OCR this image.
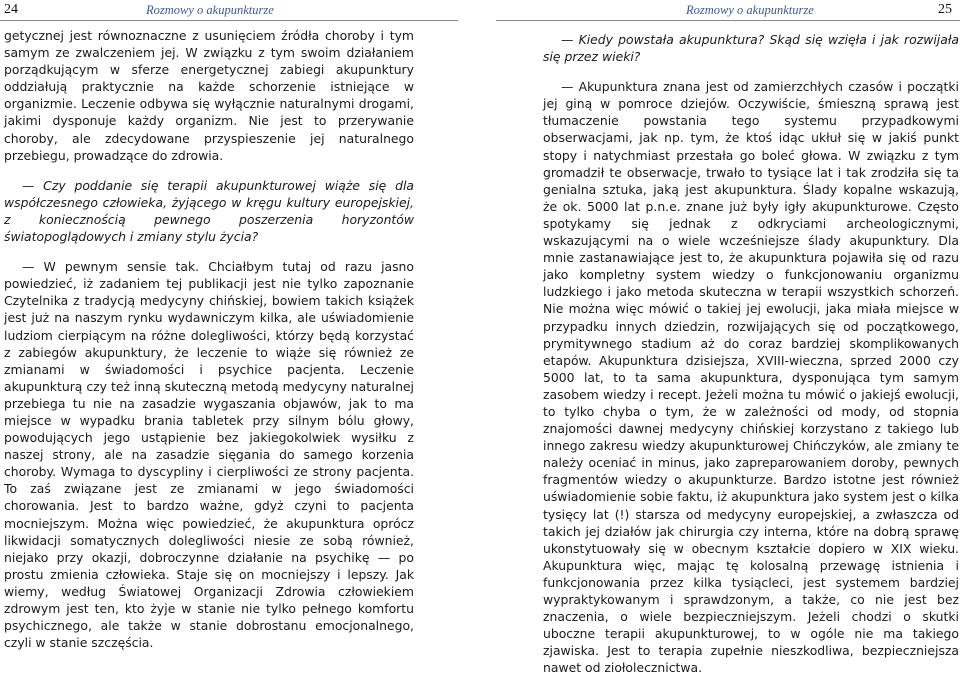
24	Rozmowy o akupunkturze	Rozmowy o akupunkturze	25

getycznej jest równoznaczne z usunięciem źródła choroby i tym samym ze zwalczeniem jej. W związku z tym swoim działaniem porządkującym w sferze energetycznej zabiegi akupunktury oddziałują praktycznie na każde schorzenie istniejące w organizmie. Leczenie odbywa się wyłącznie naturalnymi drogami, jakimi dysponuje każdy organizm. Nie jest to przerywanie choroby, ale zdecydowane przyspieszenie jej naturalnego przebiegu, prowadzące do zdrowia.

— Czy poddanie się terapii akupunkturowej wiąże się dla współczesnego człowieka, żyjącego w kręgu kultury europejskiej, z koniecznością pewnego poszerzenia horyzontów światopoglądowych i zmiany stylu życia?

— W pewnym sensie tak. Chciałbym tutaj od razu jasno powiedzieć, iż zadaniem tej publikacji jest nie tylko zapoznanie Czytelnika z tradycją medycyny chińskiej, bowiem takich książek jest już na naszym rynku wydawniczym kilka, ale uświadomienie ludziom cierpiącym na różne dolegliwości, którzy będą korzystać z zabiegów akupunktury, że leczenie to wiąże się również ze zmianami w świadomości i psychice pacjenta. Leczenie akupunkturą czy też inną skuteczną metodą medycyny naturalnej przebiega tu nie na zasadzie wygaszania objawów, jak to ma miejsce w wypadku brania tabletek przy silnym bólu głowy, powodujących jego ustąpienie bez jakiegokolwiek wysiłku z naszej strony, ale na zasadzie sięgania do samego korzenia choroby. Wymaga to dyscypliny i cierpliwości ze strony pacjenta. To zaś związane jest ze zmianami w jego świadomości chorowania. Jest to bardzo ważne, gdyż czyni to pacjenta mocniejszym. Można więc powiedzieć, że akupunktura oprócz likwidacji somatycznych dolegliwości niesie ze sobą również, niejako przy okazji, dobroczynne działanie na psychikę — po prostu zmienia człowieka. Staje się on mocniejszy i lepszy. Jak wiemy, według Światowej Organizacji Zdrowia człowiekiem zdrowym jest ten, kto żyje w stanie nie tylko pełnego komfortu psychicznego, ale także w stanie dobrostanu emocjonalnego, czyli w stanie szczęścia.

— Kiedy powstała akupunktura? Skąd się wzięła i jak rozwijała się przez wieki?

— Akupunktura znana jest od zamierzchłych czasów i początki jej giną w pomroce dziejów. Oczywiście, śmieszną sprawą jest tłumaczenie powstania tego systemu przypadkowymi obserwacjami, jak np. tym, że ktoś idąc ukłuł się w jakiś punkt stopy i natychmiast przestała go boleć głowa. W związku z tym gromadził te obserwacje, trwało to tysiące lat i tak zrodziła się ta genialna sztuka, jaką jest akupunktura. Ślady kopalne wskazują, że ok. 5000 lat p.n.e. znane już były igły akupunkturowe. Często spotykamy się jednak z odkryciami archeologicznymi, wskazującymi na o wiele wcześniejsze ślady akupunktury. Dla mnie zastanawiające jest to, że akupunktura pojawiła się od razu jako kompletny system wiedzy o funkcjonowaniu organizmu ludzkiego i jako metoda skuteczna w terapii wszystkich schorzeń. Nie można więc mówić o takiej jej ewolucji, jaka miała miejsce w przypadku innych dziedzin, rozwijających się od początkowego, prymitywnego stadium aż do coraz bardziej skomplikowanych etapów. Akupunktura dzisiejsza, XVIII-wieczna, sprzed 2000 czy 5000 lat, to ta sama akupunktura, dysponująca tym samym zasobem wiedzy i recept. Jeżeli można tu mówić o jakiejś ewolucji, to tylko chyba o tym, że w zależności od mody, od stopnia znajomości dawnej medycyny chińskiej korzystano z takiego lub innego zakresu wiedzy akupunkturowej Chińczyków, ale zmiany te należy oceniać in minus, jako zapreparowaniem doroby, pewnych fragmentów wiedzy o akupunkturze. Bardzo istotne jest również uświadomienie sobie faktu, iż akupunktura jako system jest o kilka tysięcy lat (!) starsza od medycyny europejskiej, a zwłaszcza od takich jej działów jak chirurgia czy interna, które na dobrą sprawę ukonstytuowały się w obecnym kształcie dopiero w XIX wieku. Akupunktura więc, mając tę kolosalną przewagę istnienia i funkcjonowania przez kilka tysiącleci, jest systemem bardziej wypraktykowanym i sprawdzonym, a także, co nie jest bez znaczenia, o wiele bezpieczniejszym. Jeżeli chodzi o skutki uboczne terapii akupunkturowej, to w ogóle nie ma takiego zjawiska. Jest to terapia zupełnie nieszkodliwa, bezpieczniejsza nawet od ziołolecznictwa.
